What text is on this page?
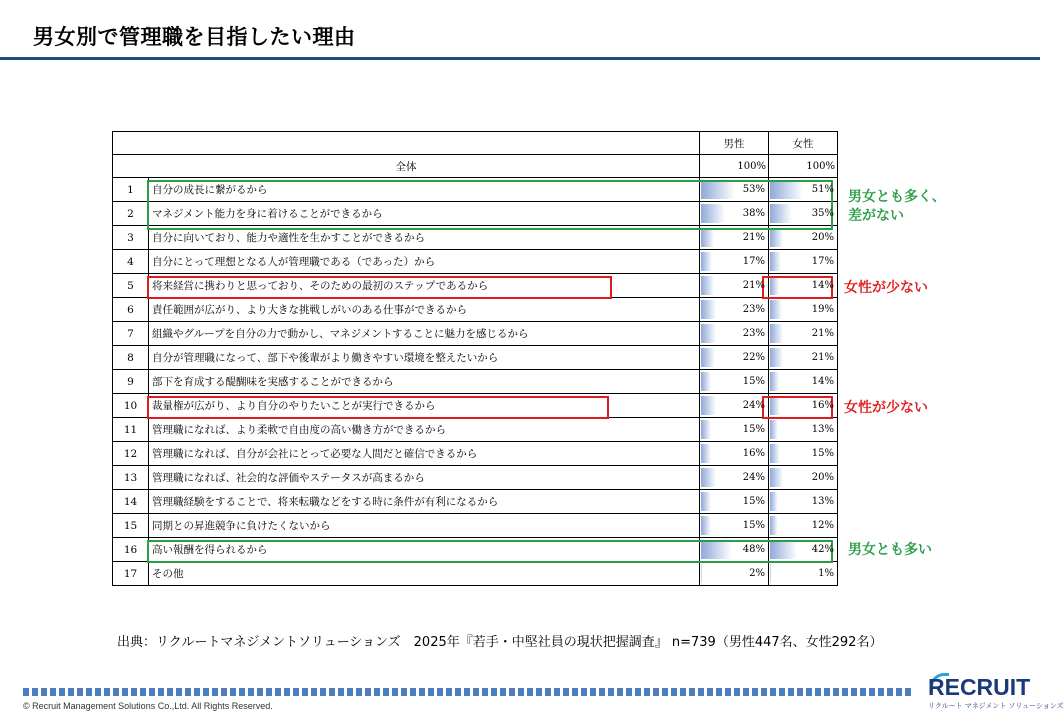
男女別で管理職を目指したい理由
		男性	女性
全体		100%	100%
1	自分の成長に繋がるから	53%	51%
2	マネジメント能力を身に着けることができるから	38%	35%
3	自分に向いており、能力や適性を生かすことができるから	21%	20%
4	自分にとって理想となる人が管理職である（であった）から	17%	17%
5	将来経営に携わりと思っており、そのための最初のステップであるから	21%	14%
6	責任範囲が広がり、より大きな挑戦しがいのある仕事ができるから	23%	19%
7	組織やグループを自分の力で動かし、マネジメントすることに魅力を感じるから	23%	21%
8	自分が管理職になって、部下や後輩がより働きやすい環境を整えたいから	22%	21%
9	部下を育成する醍醐味を実感することができるから	15%	14%
10	裁量権が広がり、より自分のやりたいことが実行できるから	24%	16%
11	管理職になれば、より柔軟で自由度の高い働き方ができるから	15%	13%
12	管理職になれば、自分が会社にとって必要な人間だと確信できるから	16%	15%
13	管理職になれば、社会的な評価やステータスが高まるから	24%	20%
14	管理職経験をすることで、将来転職などをする時に条件が有利になるから	15%	13%
15	同期との昇進競争に負けたくないから	15%	12%
16	高い報酬を得られるから	48%	42%
17	その他	2%	1%
男女とも多く、
差がない
女性が少ない
女性が少ない
男女とも多い
出典：リクルートマネジメントソリューションズ　2025年『若手・中堅社員の現状把握調査』 n=739（男性447名、女性292名）
© Recruit Management Solutions Co.,Ltd. All Rights Reserved.
RECRUIT
リクルート マネジメント ソリューションズ
